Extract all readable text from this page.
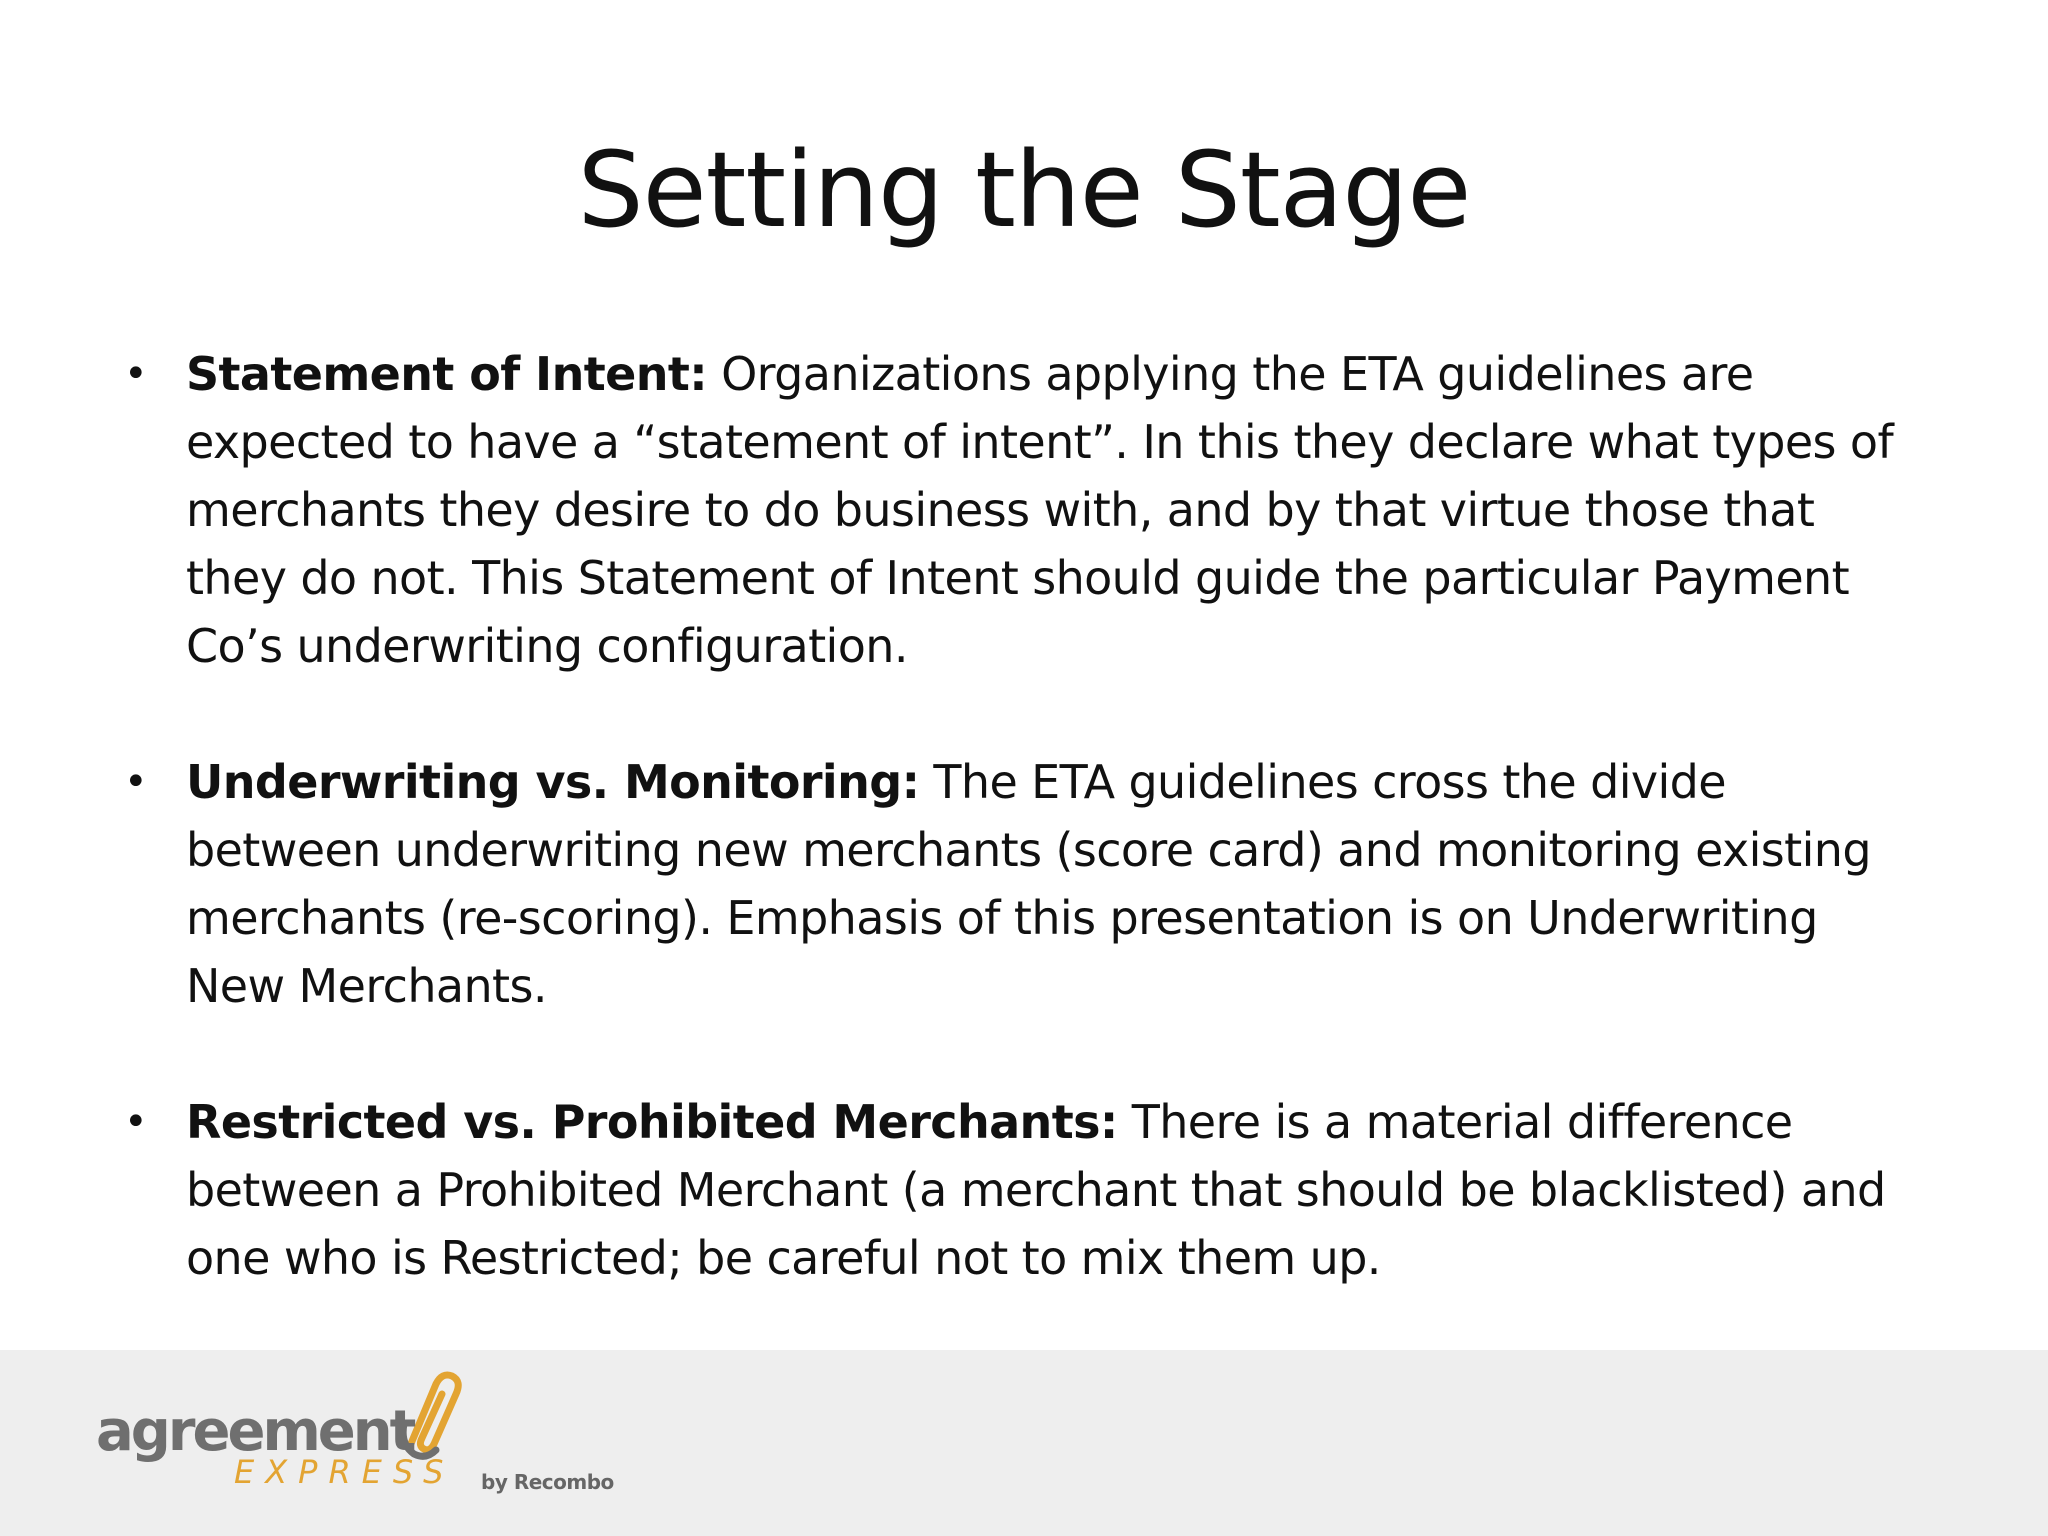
Setting the Stage
• Statement of Intent: Organizations applying the ETA guidelines are expected to have a “statement of intent”. In this they declare what types of merchants they desire to do business with, and by that virtue those that they do not. This Statement of Intent should guide the particular Payment Co’s underwriting configuration.
• Underwriting vs. Monitoring: The ETA guidelines cross the divide between underwriting new merchants (score card) and monitoring existing merchants (re-scoring). Emphasis of this presentation is on Underwriting New Merchants.
• Restricted vs. Prohibited Merchants: There is a material difference between a Prohibited Merchant (a merchant that should be blacklisted) and one who is Restricted; be careful not to mix them up.
agreement
EXPRESS by Recombo
